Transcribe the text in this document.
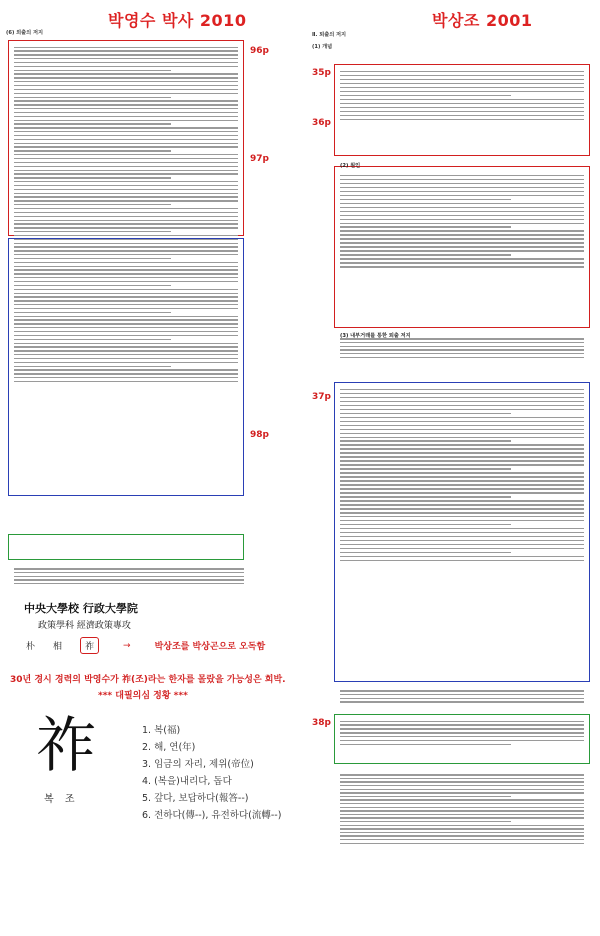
박영수 박사 2010	박상조 2001
(6) 외출의 저지
96p
97p
98p
Ⅱ. 퇴출의 저지
(1) 개념
35p
36p
37p
38p
(2) 원인
(3) 내부거래를 통한 퇴출 저지
中央大學校 行政大學院
政策學科 經濟政策專攻
朴 相	祚	→	박상조를 박상곤으로 오독함
30년 경시 경력의 박영수가 祚(조)라는 한자를 몰랐을 가능성은 희박.
*** 대필의심 정황 ***
祚
복 조
1. 복(福)
2. 해, 연(年)
3. 임금의 자리, 제위(帝位)
4. (복을)내리다, 돕다
5. 갚다, 보답하다(報答--)
6. 전하다(傳--), 유전하다(流轉--)
